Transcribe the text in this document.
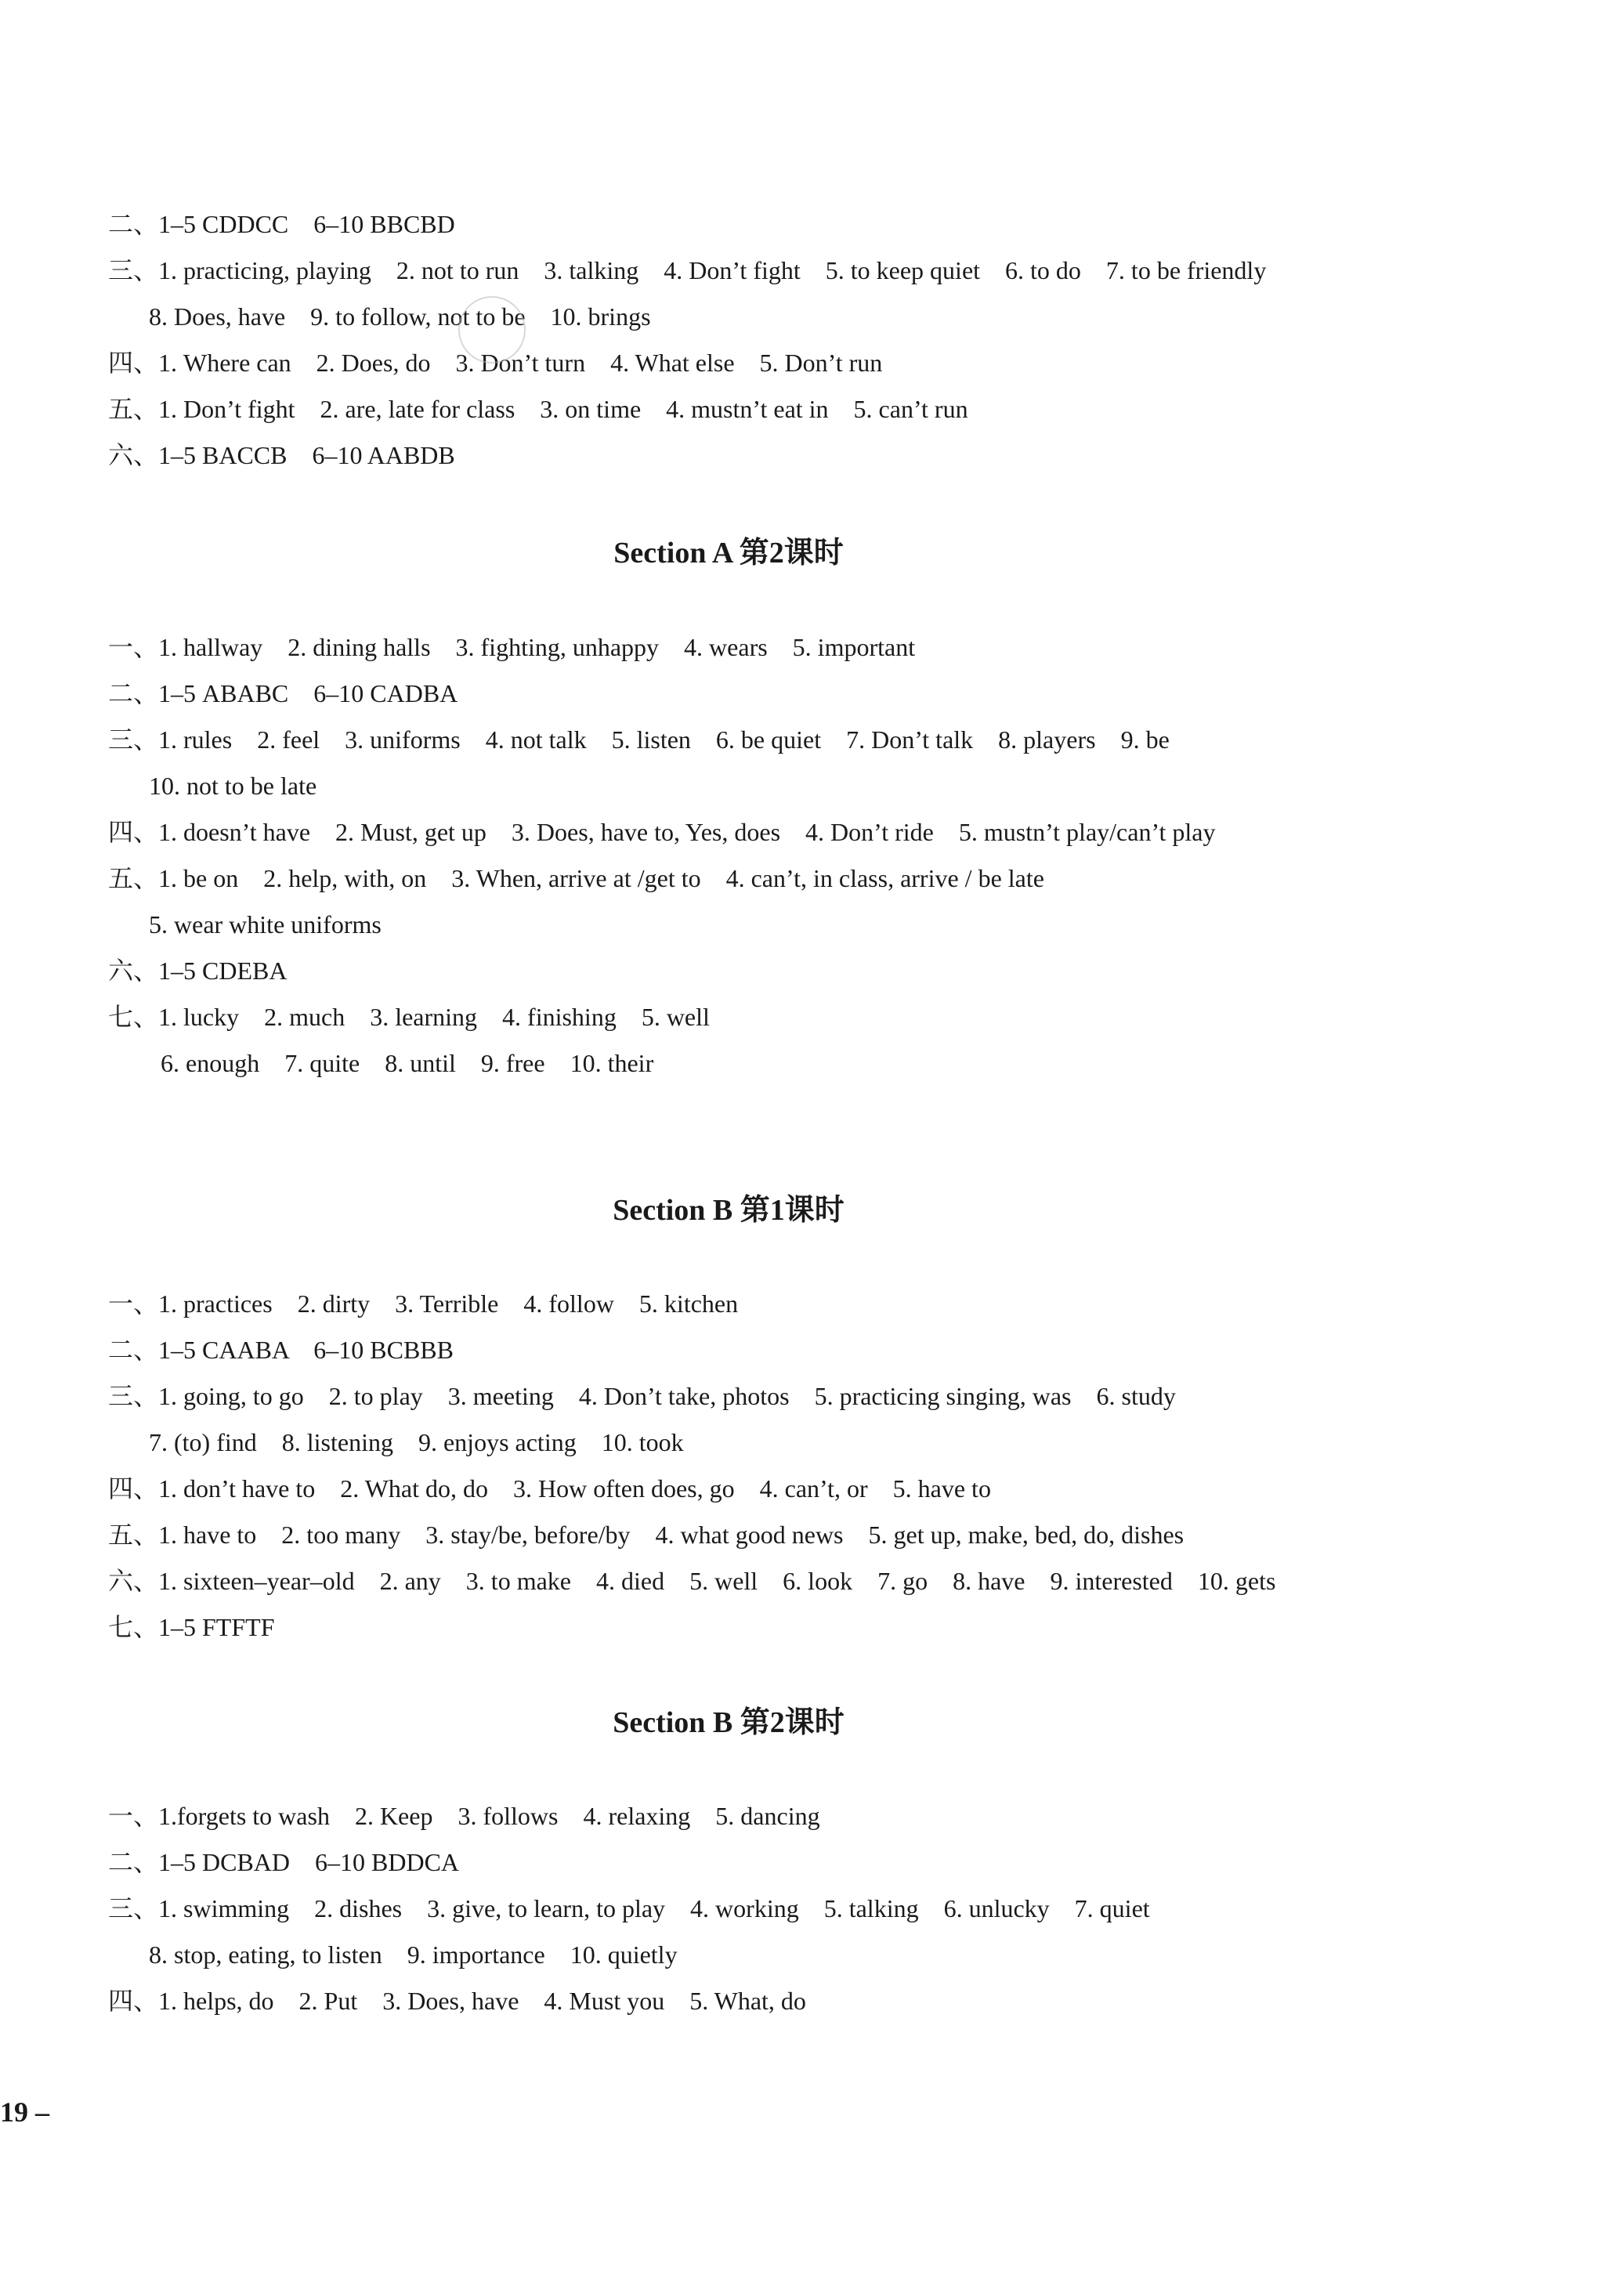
二、1–5 CDDCC　6–10 BBCBD
三、1. practicing, playing　2. not to run　3. talking　4. Don’t fight　5. to keep quiet　6. to do　7. to be friendly
8. Does, have　9. to follow, not to be　10. brings
四、1. Where can　2. Does, do　3. Don’t turn　4. What else　5. Don’t run
五、1. Don’t fight　2. are, late for class　3. on time　4. mustn’t eat in　5. can’t run
六、1–5 BACCB　6–10 AABDB
Section A 第2课时
一、1. hallway　2. dining halls　3. fighting, unhappy　4. wears　5. important
二、1–5 ABABC　6–10 CADBA
三、1. rules　2. feel　3. uniforms　4. not talk　5. listen　6. be quiet　7. Don’t talk　8. players　9. be
10. not to be late
四、1. doesn’t have　2. Must, get up　3. Does, have to, Yes, does　4. Don’t ride　5. mustn’t play/can’t play
五、1. be on　2. help, with, on　3. When, arrive at /get to　4. can’t, in class, arrive / be late
5. wear white uniforms
六、1–5 CDEBA
七、1. lucky　2. much　3. learning　4. finishing　5. well
6. enough　7. quite　8. until　9. free　10. their
Section B 第1课时
一、1. practices　2. dirty　3. Terrible　4. follow　5. kitchen
二、1–5 CAABA　6–10 BCBBB
三、1. going, to go　2. to play　3. meeting　4. Don’t take, photos　5. practicing singing, was　6. study
7. (to) find　8. listening　9. enjoys acting　10. took
四、1. don’t have to　2. What do, do　3. How often does, go　4. can’t, or　5. have to
五、1. have to　2. too many　3. stay/be, before/by　4. what good news　5. get up, make, bed, do, dishes
六、1. sixteen–year–old　2. any　3. to make　4. died　5. well　6. look　7. go　8. have　9. interested　10. gets
七、1–5 FTFTF
Section B 第2课时
一、1.forgets to wash　2. Keep　3. follows　4. relaxing　5. dancing
二、1–5 DCBAD　6–10 BDDCA
三、1. swimming　2. dishes　3. give, to learn, to play　4. working　5. talking　6. unlucky　7. quiet
8. stop, eating, to listen　9. importance　10. quietly
四、1. helps, do　2. Put　3. Does, have　4. Must you　5. What, do
19 –
